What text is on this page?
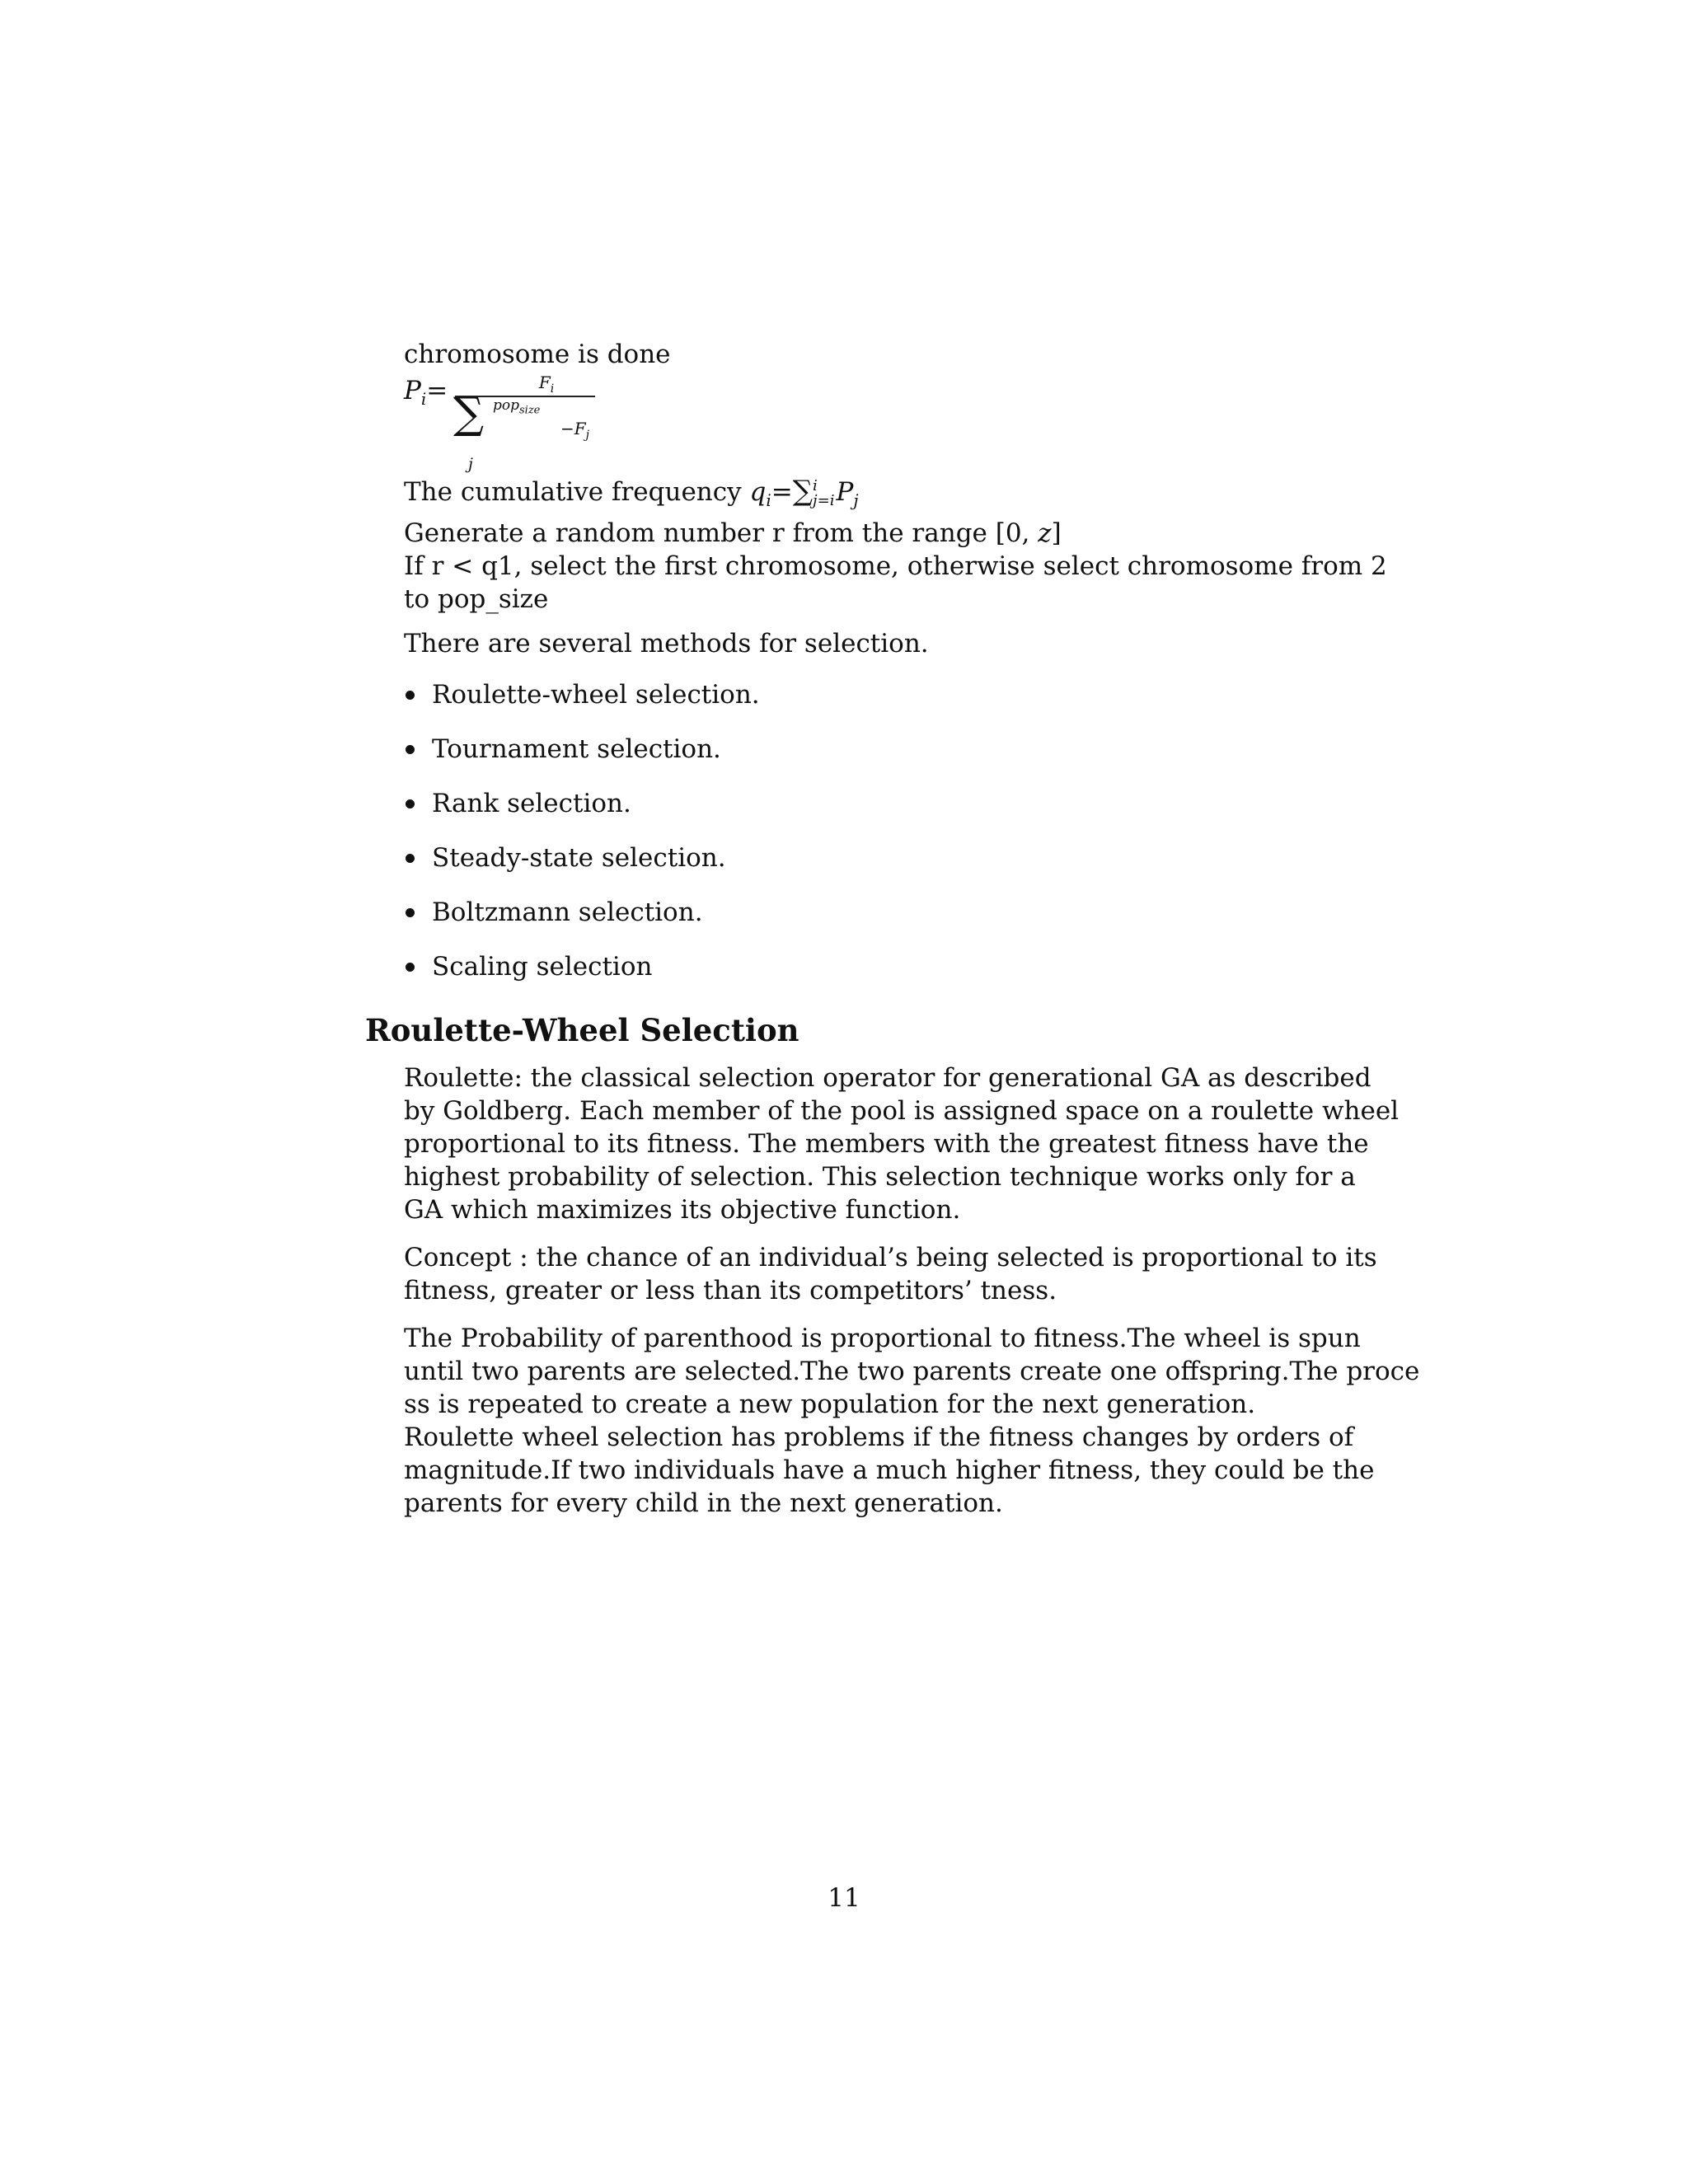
chromosome is done

$P_i=$	$F_i$
∑ pop$_{size}$
$-F_j$
j

The cumulative frequency $q_i=\sum$ i
j=i $P_j$

Generate a random number r from the range [0, z]

If r < q1, select the first chromosome, otherwise select chromosome from 2

to pop_size

There are several methods for selection.

Roulette-wheel selection.
Tournament selection.
Rank selection.
Steady-state selection.
Boltzmann selection.
Scaling selection
Roulette-Wheel Selection

Roulette: the classical selection operator for generational GA as described

by Goldberg. Each member of the pool is assigned space on a roulette wheel

proportional to its fitness. The members with the greatest fitness have the

highest probability of selection. This selection technique works only for a

GA which maximizes its objective function.

Concept : the chance of an individual’s being selected is proportional to its

fitness, greater or less than its competitors’ tness.

The Probability of parenthood is proportional to fitness.The wheel is spun

until two parents are selected.The two parents create one offspring.The proce

ss is repeated to create a new population for the next generation.

Roulette wheel selection has problems if the fitness changes by orders of

magnitude.If two individuals have a much higher fitness, they could be the

parents for every child in the next generation.

11
